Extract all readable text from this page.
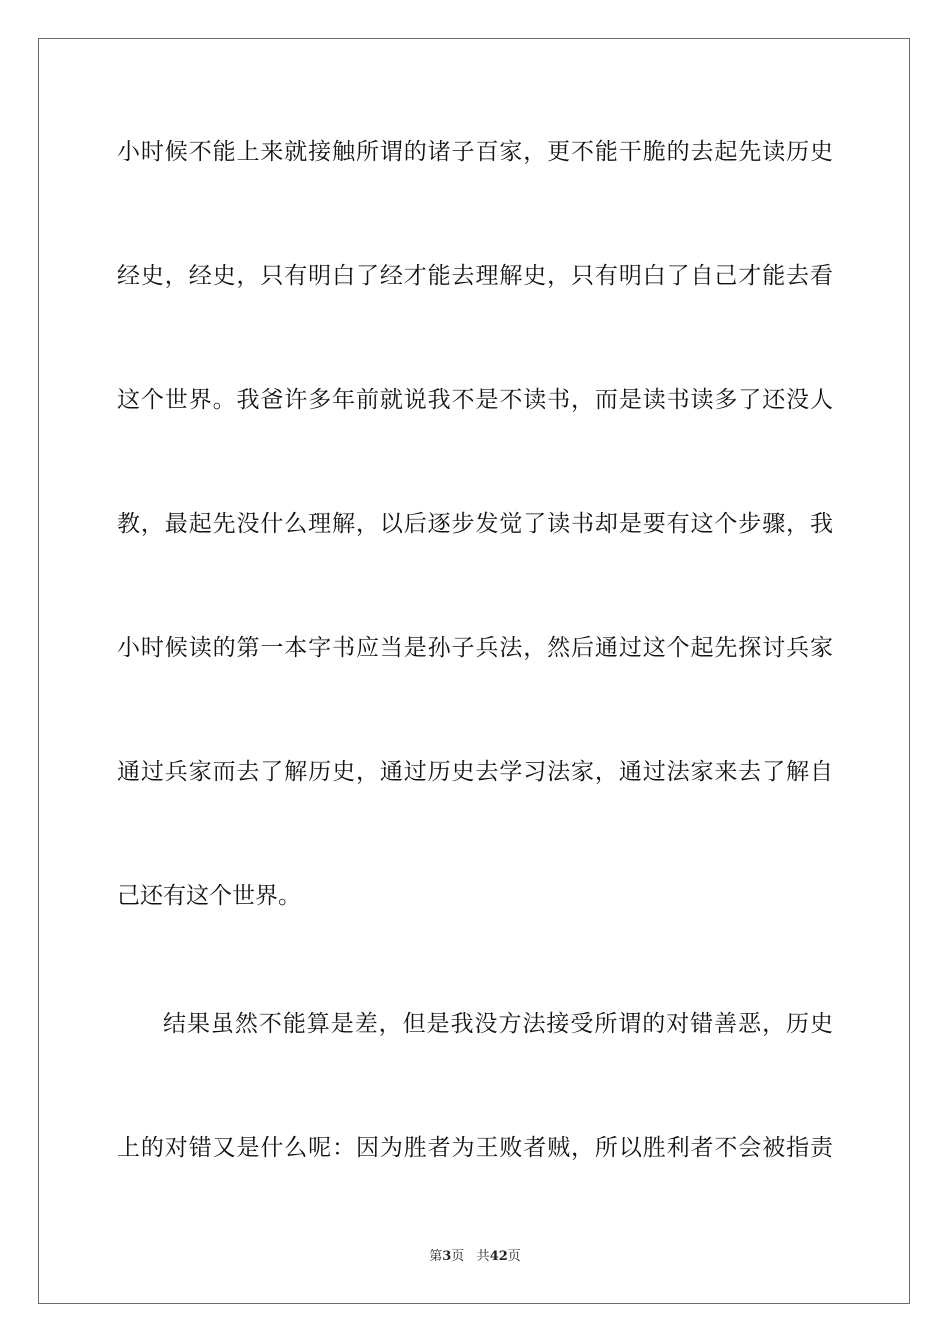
小时候不能上来就接触所谓的诸子百家，更不能干脆的去起先读历史
经史，经史，只有明白了经才能去理解史，只有明白了自己才能去看
这个世界。我爸许多年前就说我不是不读书，而是读书读多了还没人
教，最起先没什么理解，以后逐步发觉了读书却是要有这个步骤，我
小时候读的第一本字书应当是孙子兵法，然后通过这个起先探讨兵家
通过兵家而去了解历史，通过历史去学习法家，通过法家来去了解自
己还有这个世界。
结果虽然不能算是差，但是我没方法接受所谓的对错善恶，历史
上的对错又是什么呢：因为胜者为王败者贼，所以胜利者不会被指责
第3页 共42页
